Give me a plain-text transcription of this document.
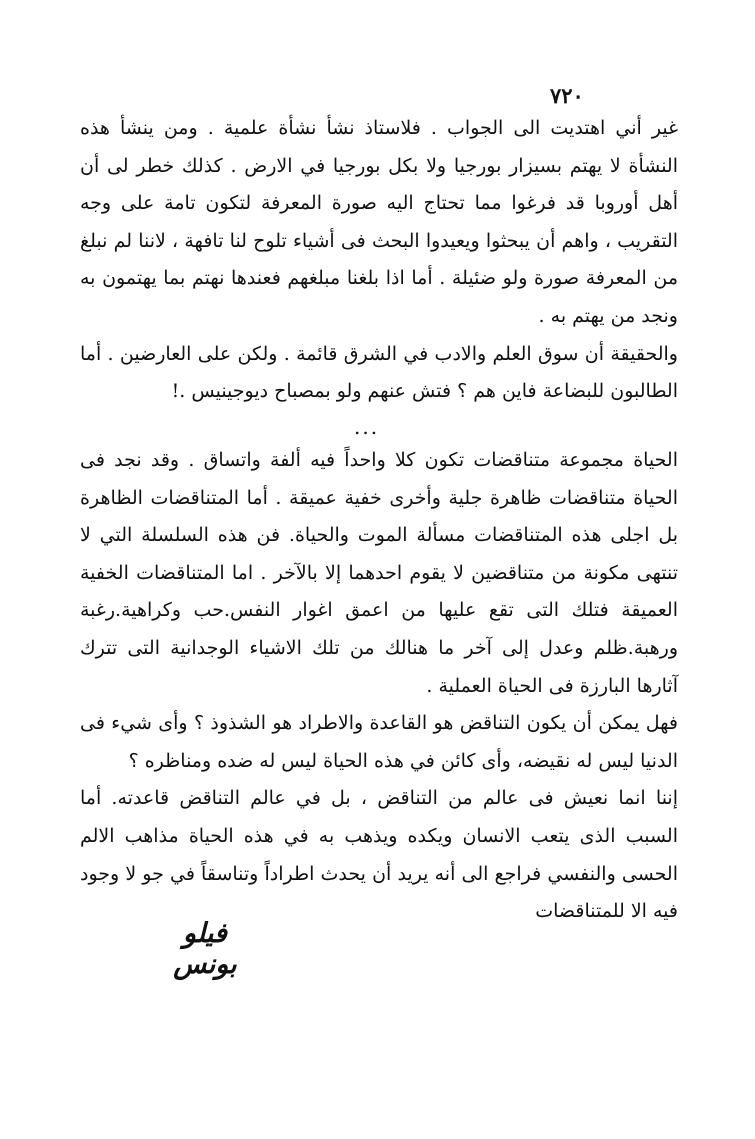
٧٢٠

غير أني اهتديت الى الجواب . فلاستاذ نشأ نشأة علمية . ومن ينشأ هذه النشأة لا يهتم بسيزار بورجيا ولا بكل بورجيا في الارض . كذلك خطر لى أن أهل أوروبا قد فرغوا مما تحتاج اليه صورة المعرفة لتكون تامة على وجه التقريب ، واهم أن يبحثوا ويعيدوا البحث فى أشياء تلوح لنا تافهة ، لاننا لم نبلغ من المعرفة صورة ولو ضئيلة . أما اذا بلغنا مبلغهم فعندها نهتم بما يهتمون به ونجد من يهتم به .

والحقيقة أن سوق العلم والادب في الشرق قائمة . ولكن على العارضين . أما الطالبون للبضاعة فاين هم ؟ فتش عنهم ولو بمصباح ديوجينيس .!

...

الحياة مجموعة متناقضات تكون كلا واحداً فيه ألفة واتساق . وقد نجد فى الحياة متناقضات ظاهرة جلية وأخرى خفية عميقة . أما المتناقضات الظاهرة بل اجلى هذه المتناقضات مسألة الموت والحياة. فن هذه السلسلة التي لا تنتهى مكونة من متناقضين لا يقوم احدهما إلا بالآخر . اما المتناقضات الخفية العميقة فتلك التى تقع عليها من اعمق اغوار النفس.حب وكراهية.رغبة ورهبة.ظلم وعدل إلى آخر ما هنالك من تلك الاشياء الوجدانية التى تترك آثارها البارزة فى الحياة العملية .

فهل يمكن أن يكون التناقض هو القاعدة والاطراد هو الشذوذ ؟ وأى شيء فى الدنيا ليس له نقيضه، وأى كائن في هذه الحياة ليس له ضده ومناظره ؟

إننا انما نعيش فى عالم من التناقض ، بل في عالم التناقض قاعدته. أما السبب الذى يتعب الانسان ويكده ويذهب به في هذه الحياة مذاهب الالم الحسى والنفسي فراجع الى أنه يريد أن يحدث اطراداً وتناسقاً في جو لا وجود فيه الا للمتناقضات

فيلو بونس
